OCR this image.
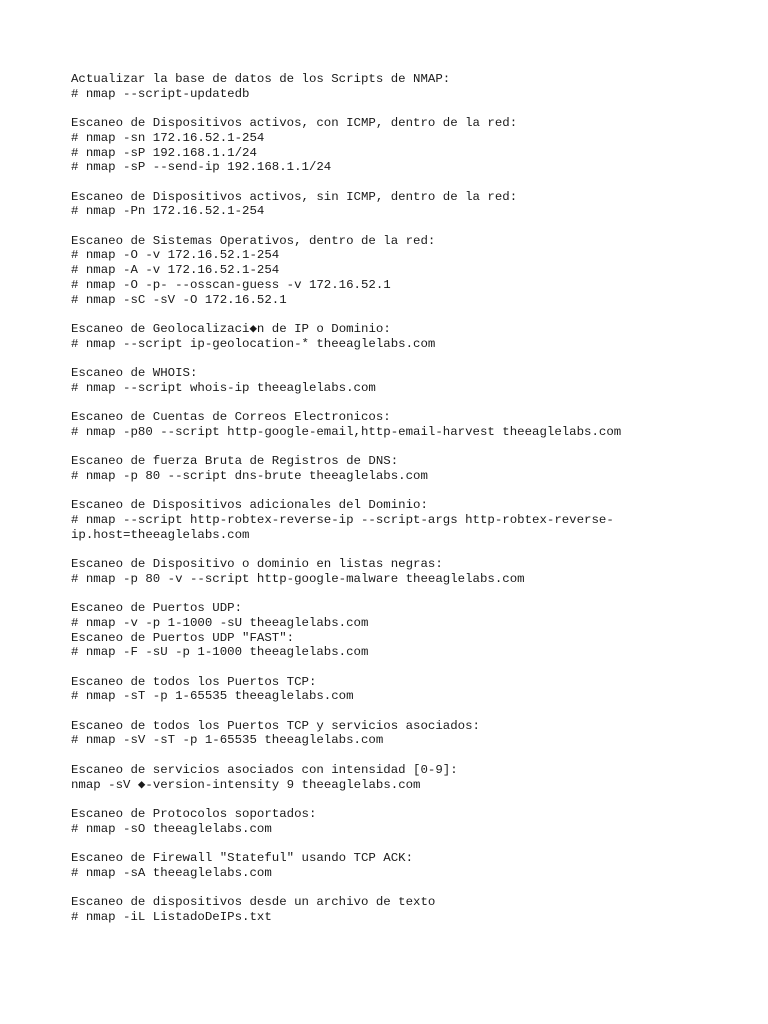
Actualizar la base de datos de los Scripts de NMAP:
# nmap --script-updatedb
Escaneo de Dispositivos activos, con ICMP, dentro de la red:
# nmap -sn 172.16.52.1-254
# nmap -sP 192.168.1.1/24
# nmap -sP --send-ip 192.168.1.1/24
Escaneo de Dispositivos activos, sin ICMP, dentro de la red:
# nmap -Pn 172.16.52.1-254
Escaneo de Sistemas Operativos, dentro de la red:
# nmap -O -v 172.16.52.1-254
# nmap -A -v 172.16.52.1-254
# nmap -O -p- --osscan-guess -v 172.16.52.1
# nmap -sC -sV -O 172.16.52.1
Escaneo de Geolocalizaci◆n de IP o Dominio:
# nmap --script ip-geolocation-* theeaglelabs.com
Escaneo de WHOIS:
# nmap --script whois-ip theeaglelabs.com
Escaneo de Cuentas de Correos Electronicos:
# nmap -p80 --script http-google-email,http-email-harvest theeaglelabs.com
Escaneo de fuerza Bruta de Registros de DNS:
# nmap -p 80 --script dns-brute theeaglelabs.com
Escaneo de Dispositivos adicionales del Dominio:
# nmap --script http-robtex-reverse-ip --script-args http-robtex-reverse-
ip.host=theeaglelabs.com
Escaneo de Dispositivo o dominio en listas negras:
# nmap -p 80 -v --script http-google-malware theeaglelabs.com
Escaneo de Puertos UDP:
# nmap -v -p 1-1000 -sU theeaglelabs.com
Escaneo de Puertos UDP "FAST":
# nmap -F -sU -p 1-1000 theeaglelabs.com
Escaneo de todos los Puertos TCP:
# nmap -sT -p 1-65535 theeaglelabs.com
Escaneo de todos los Puertos TCP y servicios asociados:
# nmap -sV -sT -p 1-65535 theeaglelabs.com
Escaneo de servicios asociados con intensidad [0-9]:
nmap -sV ◆-version-intensity 9 theeaglelabs.com
Escaneo de Protocolos soportados:
# nmap -sO theeaglelabs.com
Escaneo de Firewall "Stateful" usando TCP ACK:
# nmap -sA theeaglelabs.com
Escaneo de dispositivos desde un archivo de texto
# nmap -iL ListadoDeIPs.txt
